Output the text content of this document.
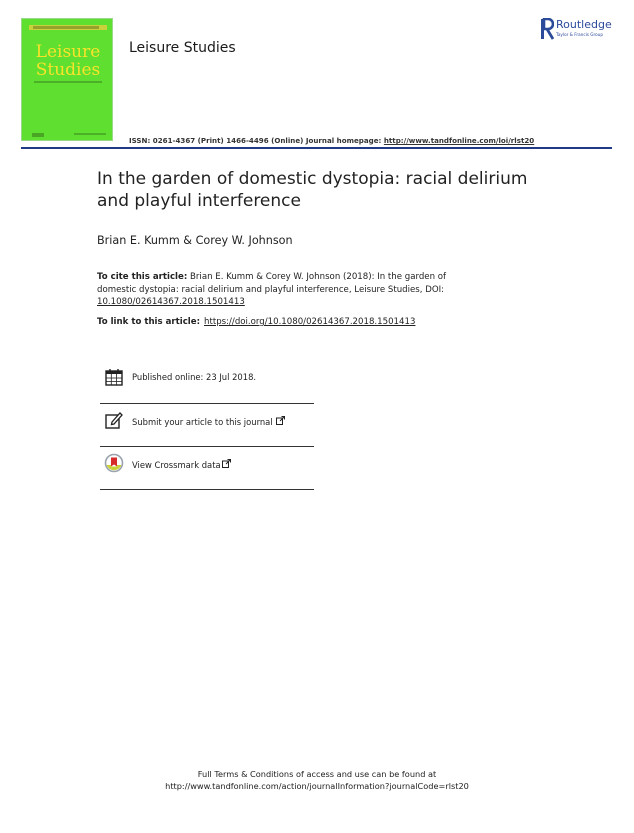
Leisure
Studies
Leisure Studies
Routledge
Taylor & Francis Group
ISSN: 0261-4367 (Print) 1466-4496 (Online) Journal homepage: http://www.tandfonline.com/loi/rlst20
In the garden of domestic dystopia: racial delirium and playful interference
Brian E. Kumm & Corey W. Johnson
To cite this article: Brian E. Kumm & Corey W. Johnson (2018): In the garden of domestic dystopia: racial delirium and playful interference, Leisure Studies, DOI: 10.1080/02614367.2018.1501413
To link to this article: https://doi.org/10.1080/02614367.2018.1501413
Published online: 23 Jul 2018.
Submit your article to this journal
View Crossmark data
Full Terms & Conditions of access and use can be found at
http://www.tandfonline.com/action/journalInformation?journalCode=rlst20
